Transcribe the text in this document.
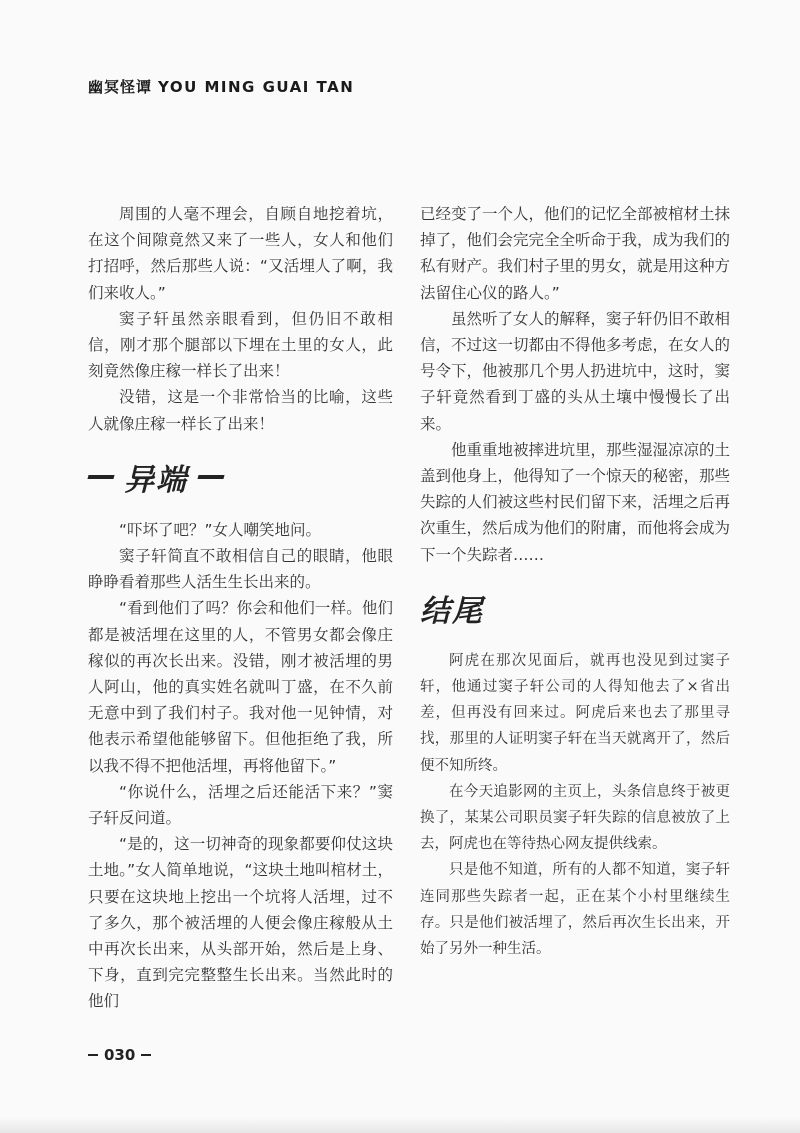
幽冥怪谭 YOU MING GUAI TAN

周围的人毫不理会，自顾自地挖着坑，在这个间隙竟然又来了一些人，女人和他们打招呼，然后那些人说：“又活埋人了啊，我们来收人。”

窦子轩虽然亲眼看到，但仍旧不敢相信，刚才那个腿部以下埋在土里的女人，此刻竟然像庄稼一样长了出来！

没错，这是一个非常恰当的比喻，这些人就像庄稼一样长了出来！

异端

“吓坏了吧？”女人嘲笑地问。

窦子轩简直不敢相信自己的眼睛，他眼睁睁看着那些人活生生长出来的。

“看到他们了吗？你会和他们一样。他们都是被活埋在这里的人，不管男女都会像庄稼似的再次长出来。没错，刚才被活埋的男人阿山，他的真实姓名就叫丁盛，在不久前无意中到了我们村子。我对他一见钟情，对他表示希望他能够留下。但他拒绝了我，所以我不得不把他活埋，再将他留下。”

“你说什么，活埋之后还能活下来？”窦子轩反问道。

“是的，这一切神奇的现象都要仰仗这块土地。”女人简单地说，“这块土地叫棺材土，只要在这块地上挖出一个坑将人活埋，过不了多久，那个被活埋的人便会像庄稼般从土中再次长出来，从头部开始，然后是上身、下身，直到完完整整生长出来。当然此时的他们

已经变了一个人，他们的记忆全部被棺材土抹掉了，他们会完完全全听命于我，成为我们的私有财产。我们村子里的男女，就是用这种方法留住心仪的路人。”

虽然听了女人的解释，窦子轩仍旧不敢相信，不过这一切都由不得他多考虑，在女人的号令下，他被那几个男人扔进坑中，这时，窦子轩竟然看到丁盛的头从土壤中慢慢长了出来。

他重重地被摔进坑里，那些湿湿凉凉的土盖到他身上，他得知了一个惊天的秘密，那些失踪的人们被这些村民们留下来，活埋之后再次重生，然后成为他们的附庸，而他将会成为下一个失踪者……

结尾

阿虎在那次见面后，就再也没见到过窦子轩，他通过窦子轩公司的人得知他去了×省出差，但再没有回来过。阿虎后来也去了那里寻找，那里的人证明窦子轩在当天就离开了，然后便不知所终。

在今天追影网的主页上，头条信息终于被更换了，某某公司职员窦子轩失踪的信息被放了上去，阿虎也在等待热心网友提供线索。

只是他不知道，所有的人都不知道，窦子轩连同那些失踪者一起，正在某个小村里继续生存。只是他们被活埋了，然后再次生长出来，开始了另外一种生活。

030
